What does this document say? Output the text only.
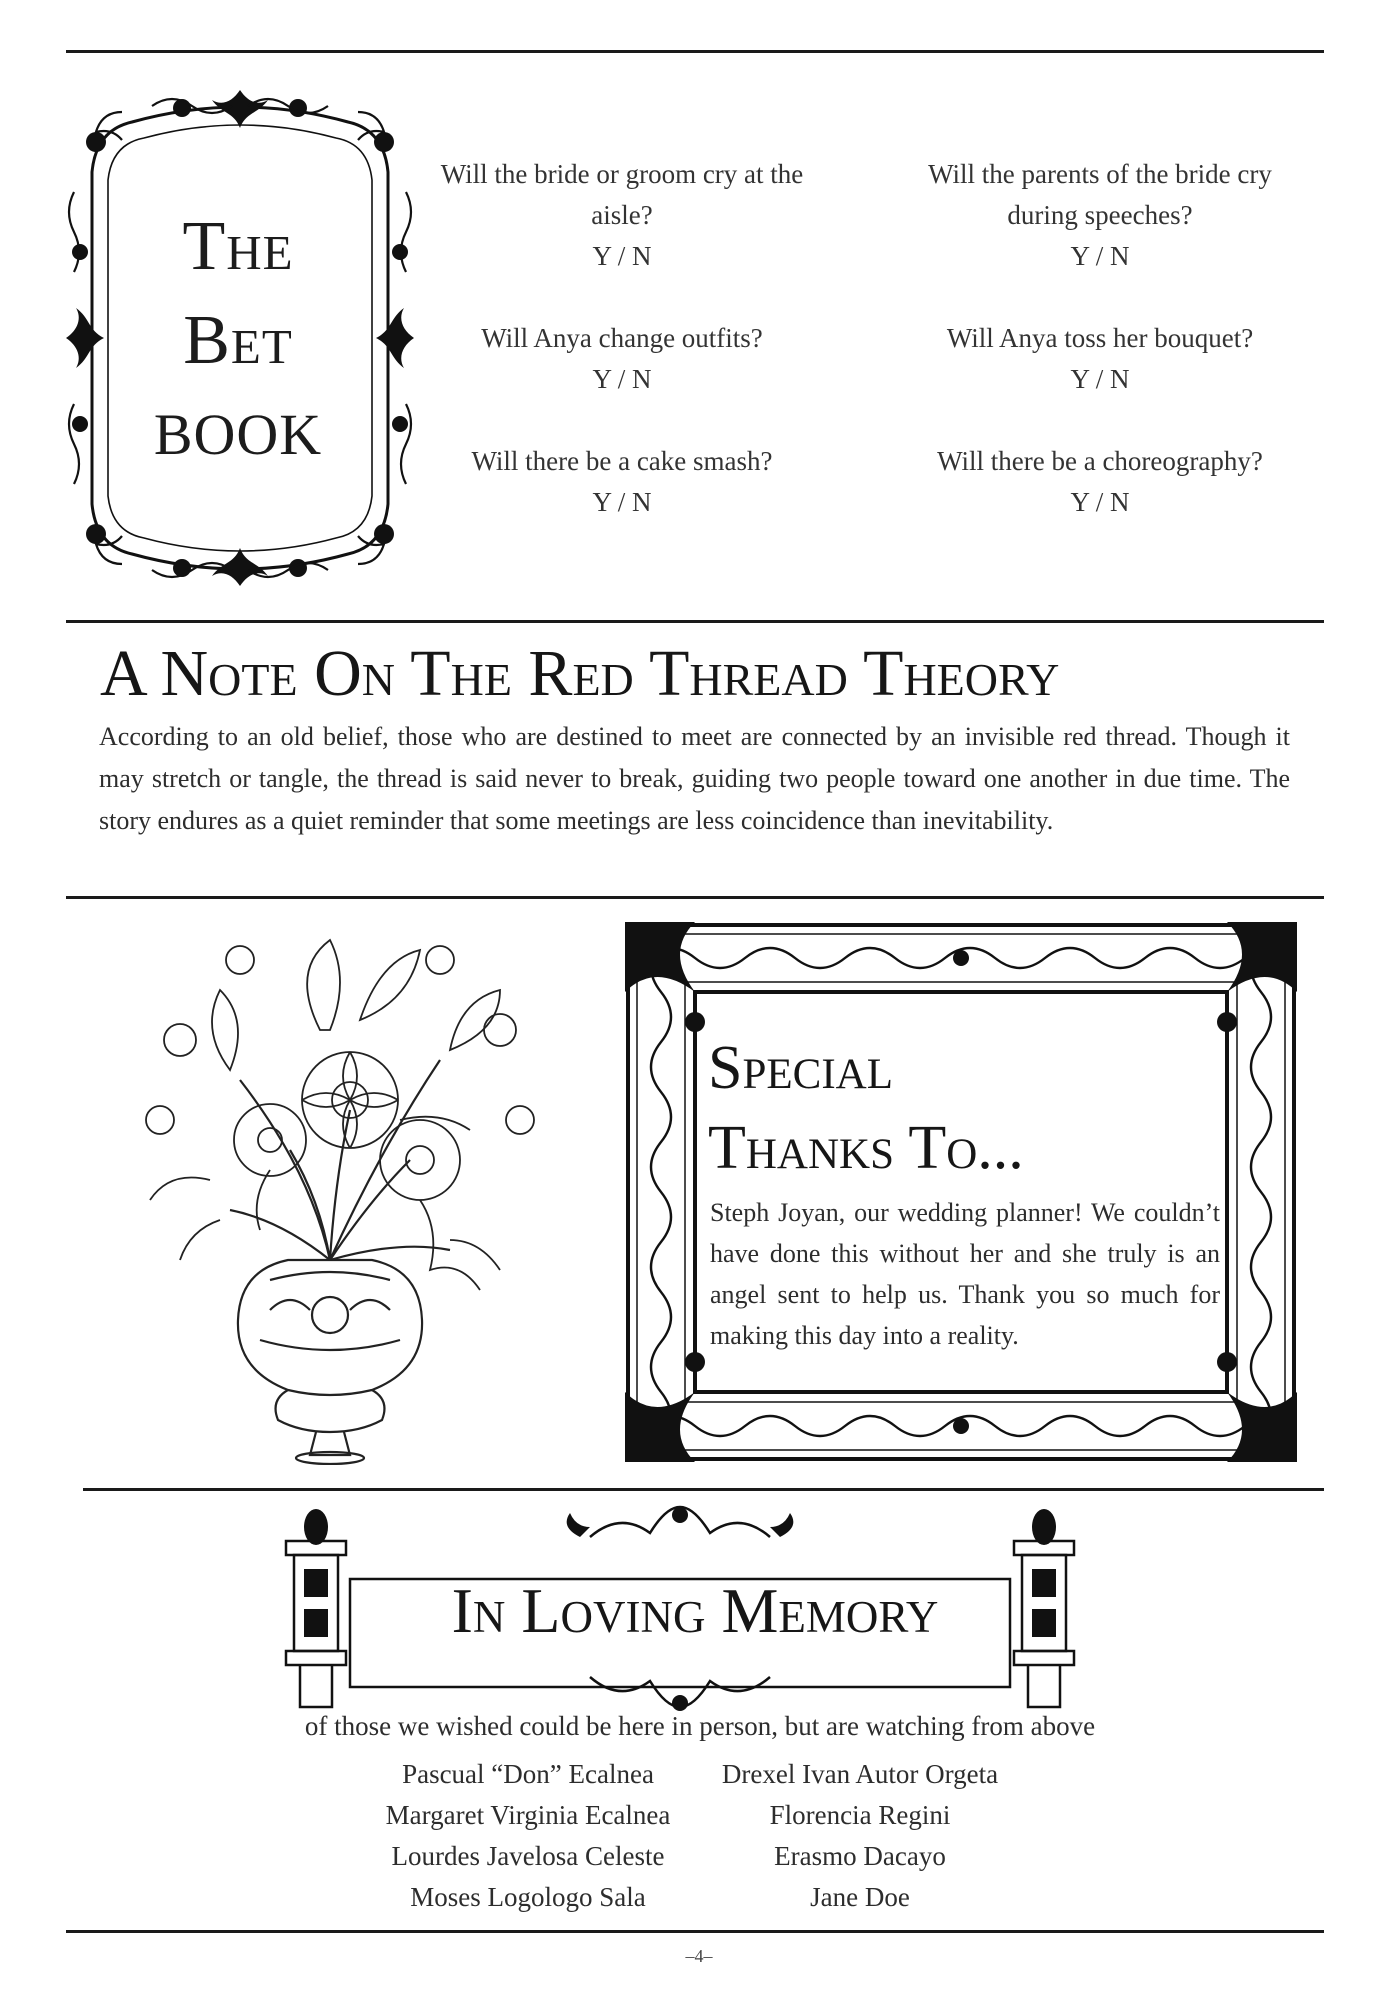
The
Bet
BOOK
Will the bride or groom cry at the aisle?
Y / N
Will the parents of the bride cry during speeches?
Y / N
Will Anya change outfits?
Y / N
Will Anya toss her bouquet?
Y / N
Will there be a cake smash?
Y / N
Will there be a choreography?
Y / N
A Note On The Red Thread Theory
According to an old belief, those who are destined to meet are connected by an invisible red thread. Though it may stretch or tangle, the thread is said never to break, guiding two people toward one another in due time. The story endures as a quiet reminder that some meetings are less coincidence than inevitability.
Special
Thanks To...
Steph Joyan, our wedding planner! We couldn’t have done this without her and she truly is an angel sent to help us. Thank you so much for making this day into a reality.
In Loving Memory
of those we wished could be here in person, but are watching from above
Pascual “Don” Ecalnea
Margaret Virginia Ecalnea
Lourdes Javelosa Celeste
Moses Logologo Sala
Drexel Ivan Autor Orgeta
Florencia Regini
Erasmo Dacayo
Jane Doe
–4–
